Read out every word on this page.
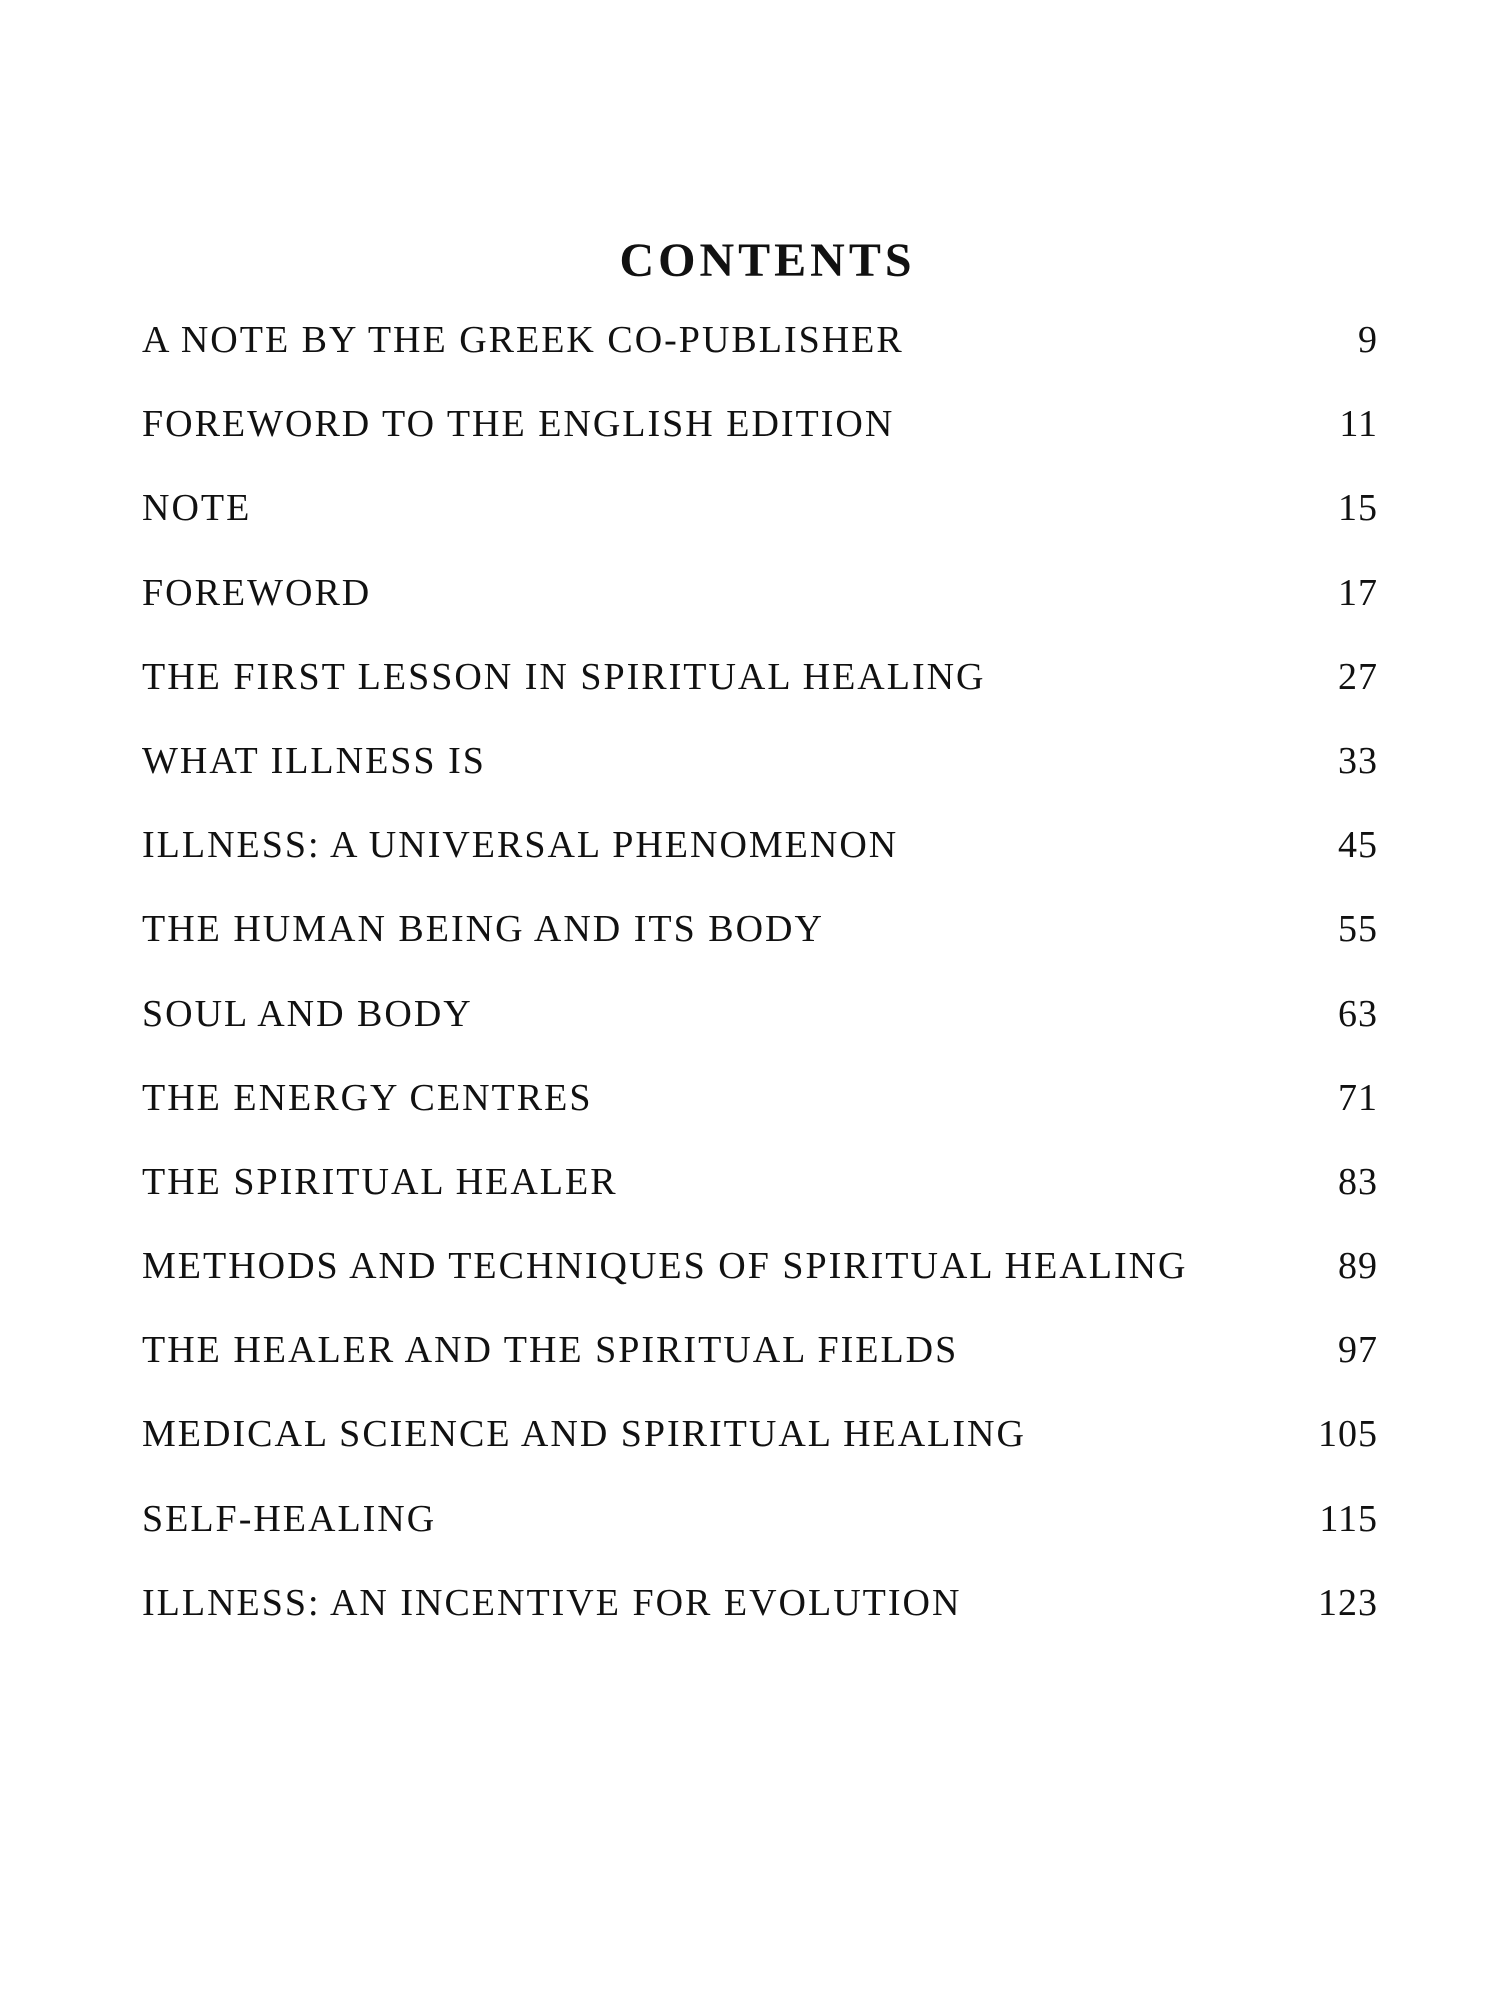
CONTENTS
A NOTE BY THE GREEK CO-PUBLISHER	9
FOREWORD TO THE ENGLISH EDITION	11
NOTE	15
FOREWORD	17
THE FIRST LESSON IN SPIRITUAL HEALING	27
WHAT ILLNESS IS	33
ILLNESS: A UNIVERSAL PHENOMENON	45
THE HUMAN BEING AND ITS BODY	55
SOUL AND BODY	63
THE ENERGY CENTRES	71
THE SPIRITUAL HEALER	83
METHODS AND TECHNIQUES OF SPIRITUAL HEALING	89
THE HEALER AND THE SPIRITUAL FIELDS	97
MEDICAL SCIENCE AND SPIRITUAL HEALING	105
SELF-HEALING	115
ILLNESS: AN INCENTIVE FOR EVOLUTION	123
